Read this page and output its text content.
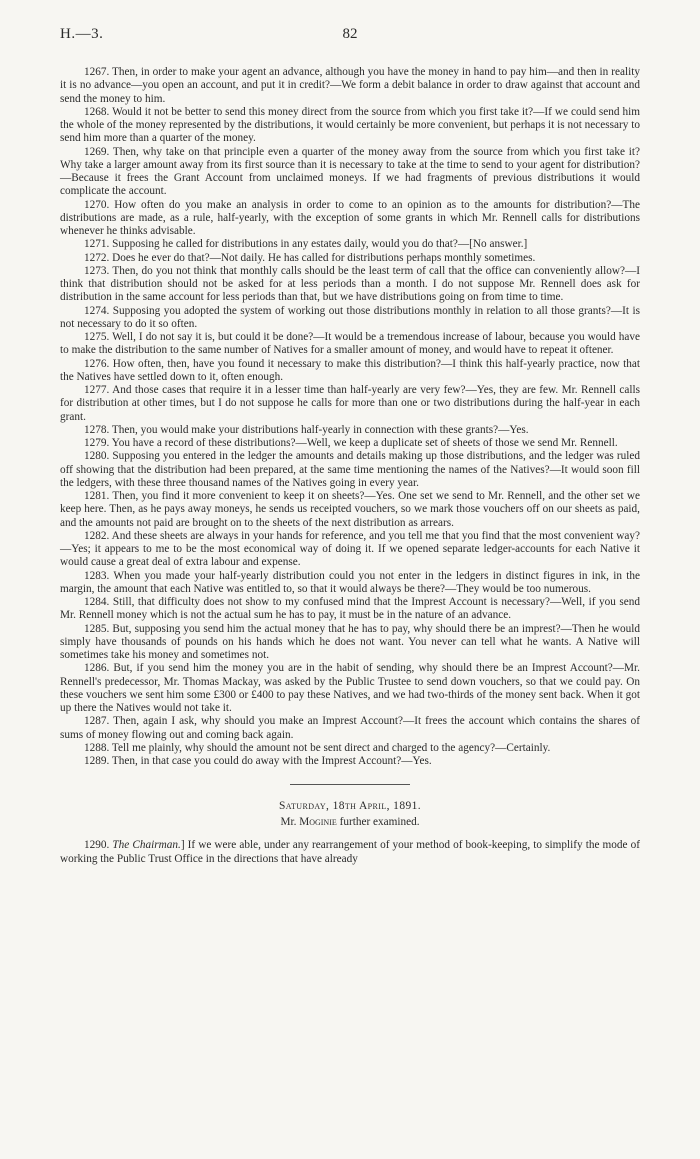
H.—3.	82

1267. Then, in order to make your agent an advance, although you have the money in hand to pay him—and then in reality it is no advance—you open an account, and put it in credit?—We form a debit balance in order to draw against that account and send the money to him.

1268. Would it not be better to send this money direct from the source from which you first take it?—If we could send him the whole of the money represented by the distributions, it would certainly be more convenient, but perhaps it is not necessary to send him more than a quarter of the money.

1269. Then, why take on that principle even a quarter of the money away from the source from which you first take it? Why take a larger amount away from its first source than it is necessary to take at the time to send to your agent for distribution?—Because it frees the Grant Account from unclaimed moneys. If we had fragments of previous distributions it would complicate the account.

1270. How often do you make an analysis in order to come to an opinion as to the amounts for distribution?—The distributions are made, as a rule, half-yearly, with the exception of some grants in which Mr. Rennell calls for distributions whenever he thinks advisable.

1271. Supposing he called for distributions in any estates daily, would you do that?—[No answer.]

1272. Does he ever do that?—Not daily. He has called for distributions perhaps monthly sometimes.

1273. Then, do you not think that monthly calls should be the least term of call that the office can conveniently allow?—I think that distribution should not be asked for at less periods than a month. I do not suppose Mr. Rennell does ask for distribution in the same account for less periods than that, but we have distributions going on from time to time.

1274. Supposing you adopted the system of working out those distributions monthly in relation to all those grants?—It is not necessary to do it so often.

1275. Well, I do not say it is, but could it be done?—It would be a tremendous increase of labour, because you would have to make the distribution to the same number of Natives for a smaller amount of money, and would have to repeat it oftener.

1276. How often, then, have you found it necessary to make this distribution?—I think this half-yearly practice, now that the Natives have settled down to it, often enough.

1277. And those cases that require it in a lesser time than half-yearly are very few?—Yes, they are few. Mr. Rennell calls for distribution at other times, but I do not suppose he calls for more than one or two distributions during the half-year in each grant.

1278. Then, you would make your distributions half-yearly in connection with these grants?—Yes.

1279. You have a record of these distributions?—Well, we keep a duplicate set of sheets of those we send Mr. Rennell.

1280. Supposing you entered in the ledger the amounts and details making up those distributions, and the ledger was ruled off showing that the distribution had been prepared, at the same time mentioning the names of the Natives?—It would soon fill the ledgers, with these three thousand names of the Natives going in every year.

1281. Then, you find it more convenient to keep it on sheets?—Yes. One set we send to Mr. Rennell, and the other set we keep here. Then, as he pays away moneys, he sends us receipted vouchers, so we mark those vouchers off on our sheets as paid, and the amounts not paid are brought on to the sheets of the next distribution as arrears.

1282. And these sheets are always in your hands for reference, and you tell me that you find that the most convenient way?—Yes; it appears to me to be the most economical way of doing it. If we opened separate ledger-accounts for each Native it would cause a great deal of extra labour and expense.

1283. When you made your half-yearly distribution could you not enter in the ledgers in distinct figures in ink, in the margin, the amount that each Native was entitled to, so that it would always be there?—They would be too numerous.

1284. Still, that difficulty does not show to my confused mind that the Imprest Account is necessary?—Well, if you send Mr. Rennell money which is not the actual sum he has to pay, it must be in the nature of an advance.

1285. But, supposing you send him the actual money that he has to pay, why should there be an imprest?—Then he would simply have thousands of pounds on his hands which he does not want. You never can tell what he wants. A Native will sometimes take his money and sometimes not.

1286. But, if you send him the money you are in the habit of sending, why should there be an Imprest Account?—Mr. Rennell's predecessor, Mr. Thomas Mackay, was asked by the Public Trustee to send down vouchers, so that we could pay. On these vouchers we sent him some £300 or £400 to pay these Natives, and we had two-thirds of the money sent back. When it got up there the Natives would not take it.

1287. Then, again I ask, why should you make an Imprest Account?—It frees the account which contains the shares of sums of money flowing out and coming back again.

1288. Tell me plainly, why should the amount not be sent direct and charged to the agency?—Certainly.

1289. Then, in that case you could do away with the Imprest Account?—Yes.

Saturday, 18th April, 1891.

Mr. Moginie further examined.

1290. The Chairman.] If we were able, under any rearrangement of your method of book-keeping, to simplify the mode of working the Public Trust Office in the directions that have already
